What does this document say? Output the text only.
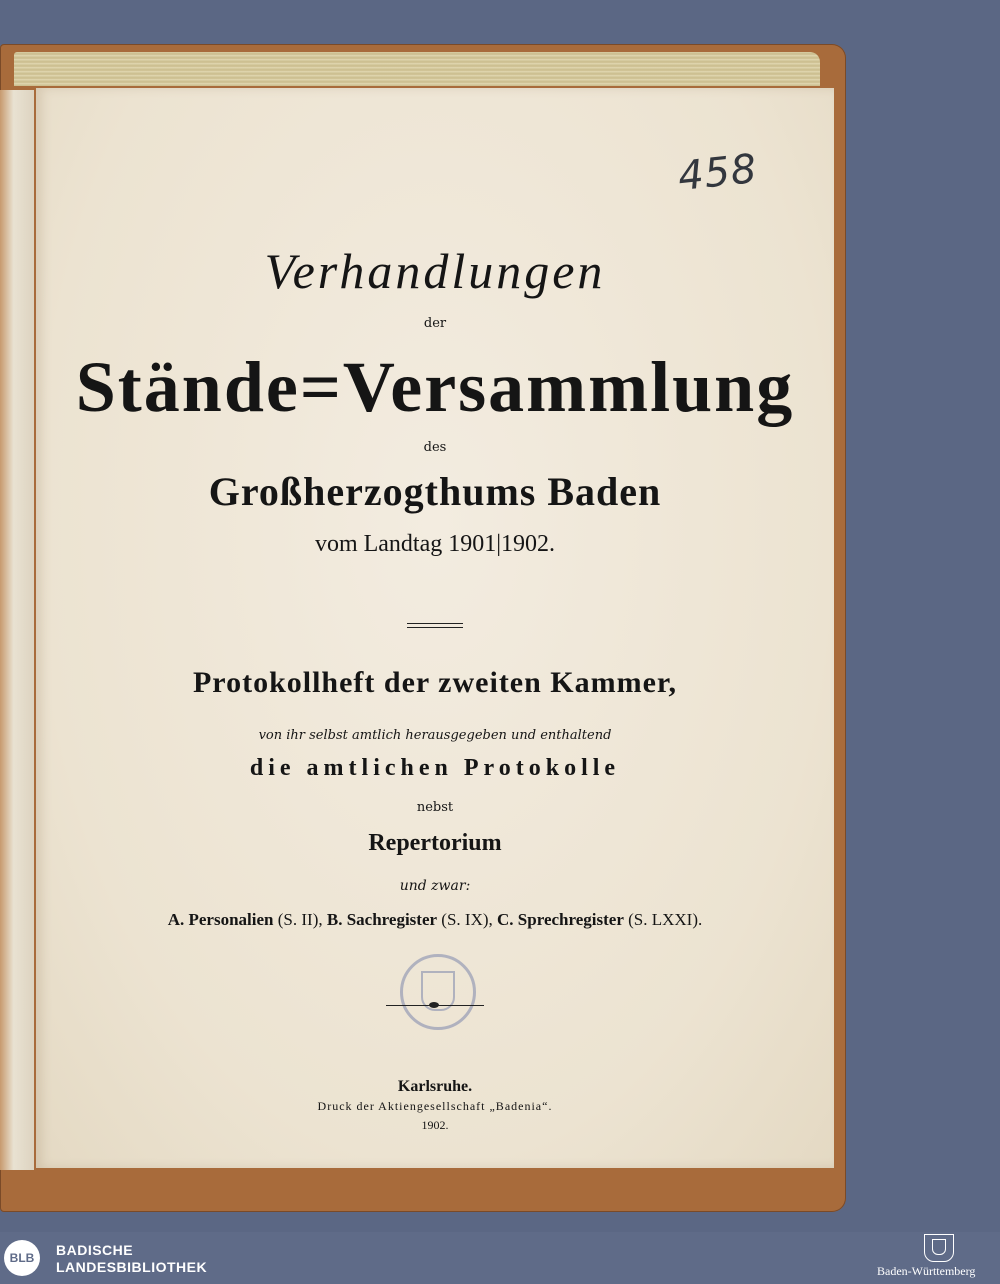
458
Verhandlungen
der
Stände=Versammlung
des
Großherzogthums Baden
vom Landtag 1901|1902.
Protokollheft der zweiten Kammer,
von ihr selbst amtlich herausgegeben und enthaltend
die amtlichen Protokolle
nebst
Repertorium
und zwar:
A. Personalien (S. II), B. Sachregister (S. IX), C. Sprechregister (S. LXXI).
Karlsruhe.
Druck der Aktiengesellschaft „Badenia“.
1902.
BLB	BADISCHE
LANDESBIBLIOTHEK	Baden-Württemberg
